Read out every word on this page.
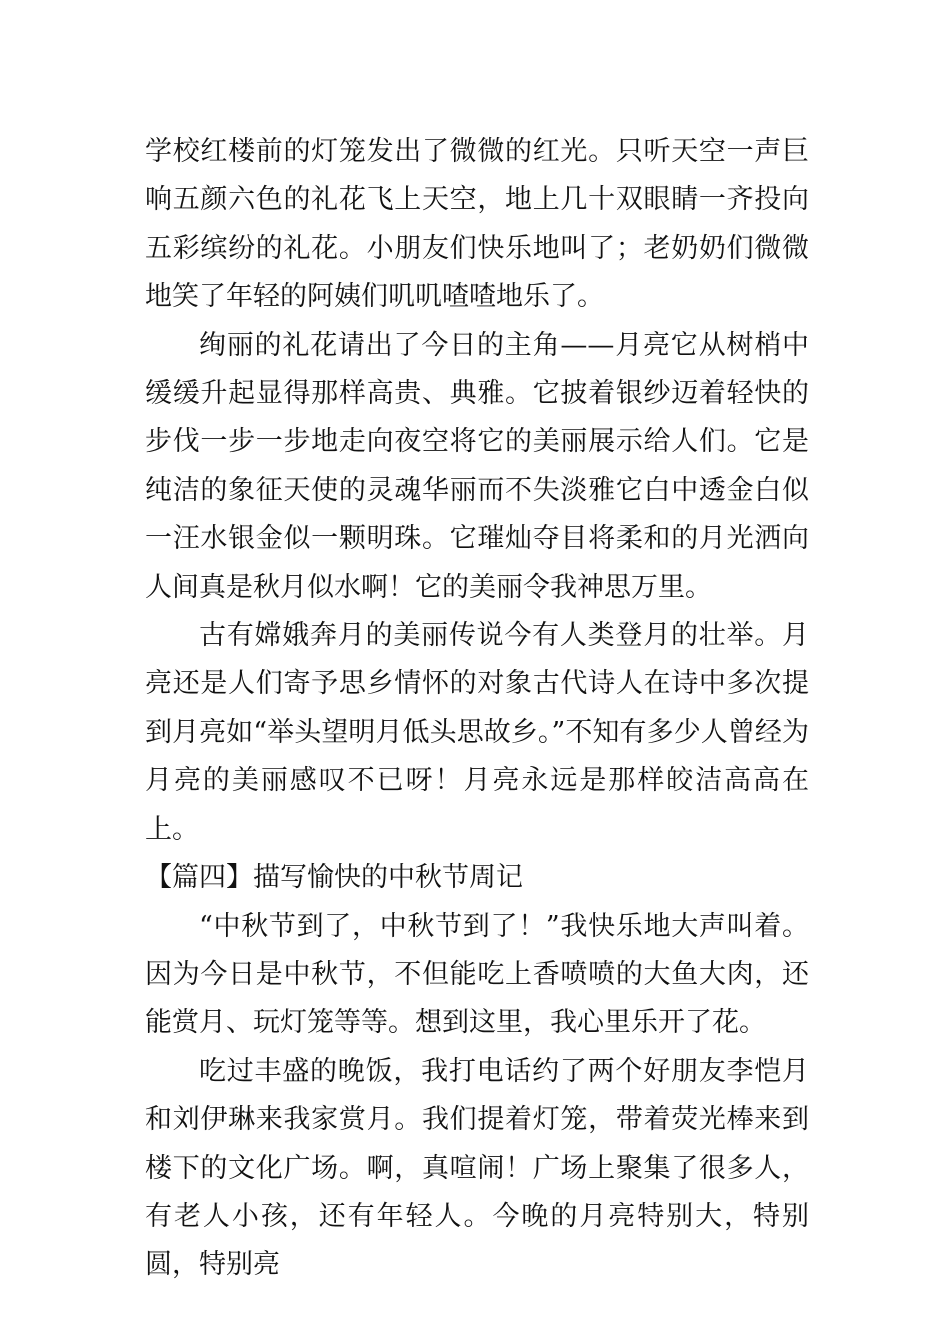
学校红楼前的灯笼发出了微微的红光。只听天空一声巨响五颜六色的礼花飞上天空，地上几十双眼睛一齐投向五彩缤纷的礼花。小朋友们快乐地叫了；老奶奶们微微地笑了年轻的阿姨们叽叽喳喳地乐了。

绚丽的礼花请出了今日的主角——月亮它从树梢中缓缓升起显得那样高贵、典雅。它披着银纱迈着轻快的步伐一步一步地走向夜空将它的美丽展示给人们。它是纯洁的象征天使的灵魂华丽而不失淡雅它白中透金白似一汪水银金似一颗明珠。它璀灿夺目将柔和的月光洒向人间真是秋月似水啊！它的美丽令我神思万里。

古有嫦娥奔月的美丽传说今有人类登月的壮举。月亮还是人们寄予思乡情怀的对象古代诗人在诗中多次提到月亮如“举头望明月低头思故乡。”不知有多少人曾经为月亮的美丽感叹不已呀！月亮永远是那样皎洁高高在上。

【篇四】描写愉快的中秋节周记

“中秋节到了，中秋节到了！”我快乐地大声叫着。因为今日是中秋节，不但能吃上香喷喷的大鱼大肉，还能赏月、玩灯笼等等。想到这里，我心里乐开了花。

吃过丰盛的晚饭，我打电话约了两个好朋友李恺月和刘伊琳来我家赏月。我们提着灯笼，带着荧光棒来到楼下的文化广场。啊，真喧闹！广场上聚集了很多人，有老人小孩，还有年轻人。今晚的月亮特别大，特别圆，特别亮
